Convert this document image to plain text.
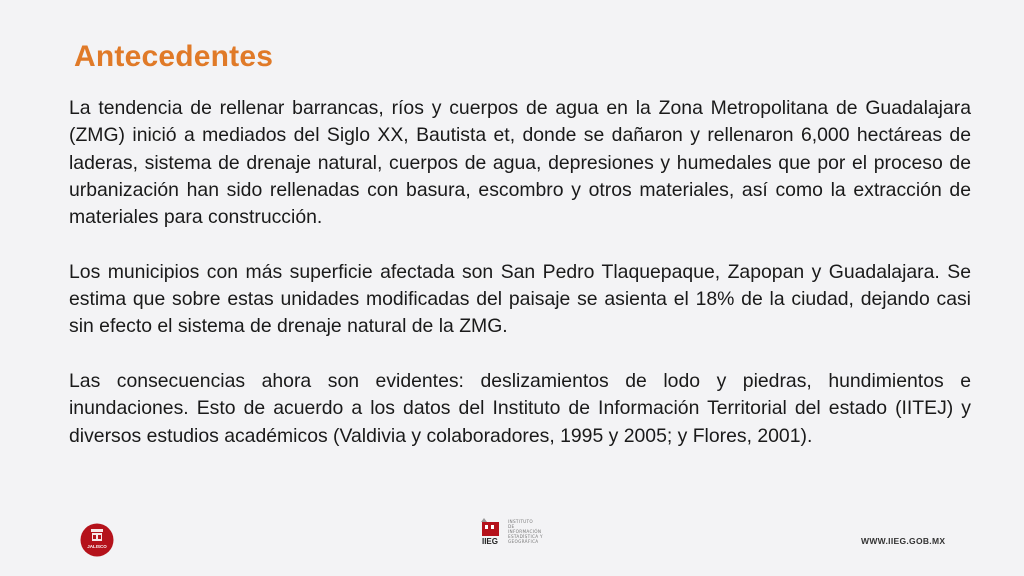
Antecedentes

La tendencia de rellenar barrancas, ríos y cuerpos de agua en la Zona Metropolitana de Guadalajara (ZMG) inició a mediados del Siglo XX, Bautista et, donde se dañaron y rellenaron 6,000 hectáreas de laderas, sistema de drenaje natural, cuerpos de agua, depresiones y humedales que por el proceso de urbanización han sido rellenadas con basura, escombro y otros materiales, así como la extracción de materiales para construcción.

Los municipios con más superficie afectada son San Pedro Tlaquepaque, Zapopan y Guadalajara. Se estima que sobre estas unidades modificadas del paisaje se asienta el 18% de la ciudad, dejando casi sin efecto el sistema de drenaje natural de la ZMG.

Las consecuencias ahora son evidentes: deslizamientos de lodo y piedras, hundimientos e inundaciones. Esto de acuerdo a los datos del Instituto de Información Territorial del estado (IITEJ) y diversos estudios académicos (Valdivia y colaboradores, 1995 y 2005; y Flores, 2001).

JALISCO
IIEG
INSTITUTO
DE
INFORMACIÓN
ESTADÍSTICA Y
GEOGRÁFICA	WWW.IIEG.GOB.MX
